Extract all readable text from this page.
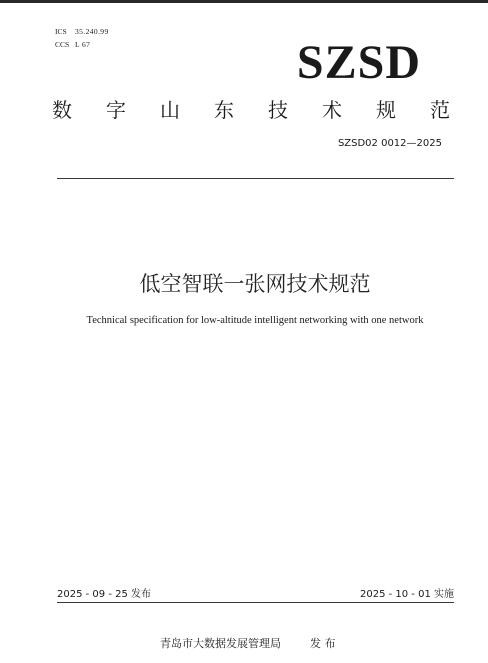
ICS 35.240.99
CCS L 67	SZSD
数 字 山 东 技 术 规 范
SZSD02 0012—2025
低空智联一张网技术规范
Technical specification for low-altitude intelligent networking with one network
2025 - 09 - 25 发布	2025 - 10 - 01 实施
青岛市大数据发展管理局	发 布
